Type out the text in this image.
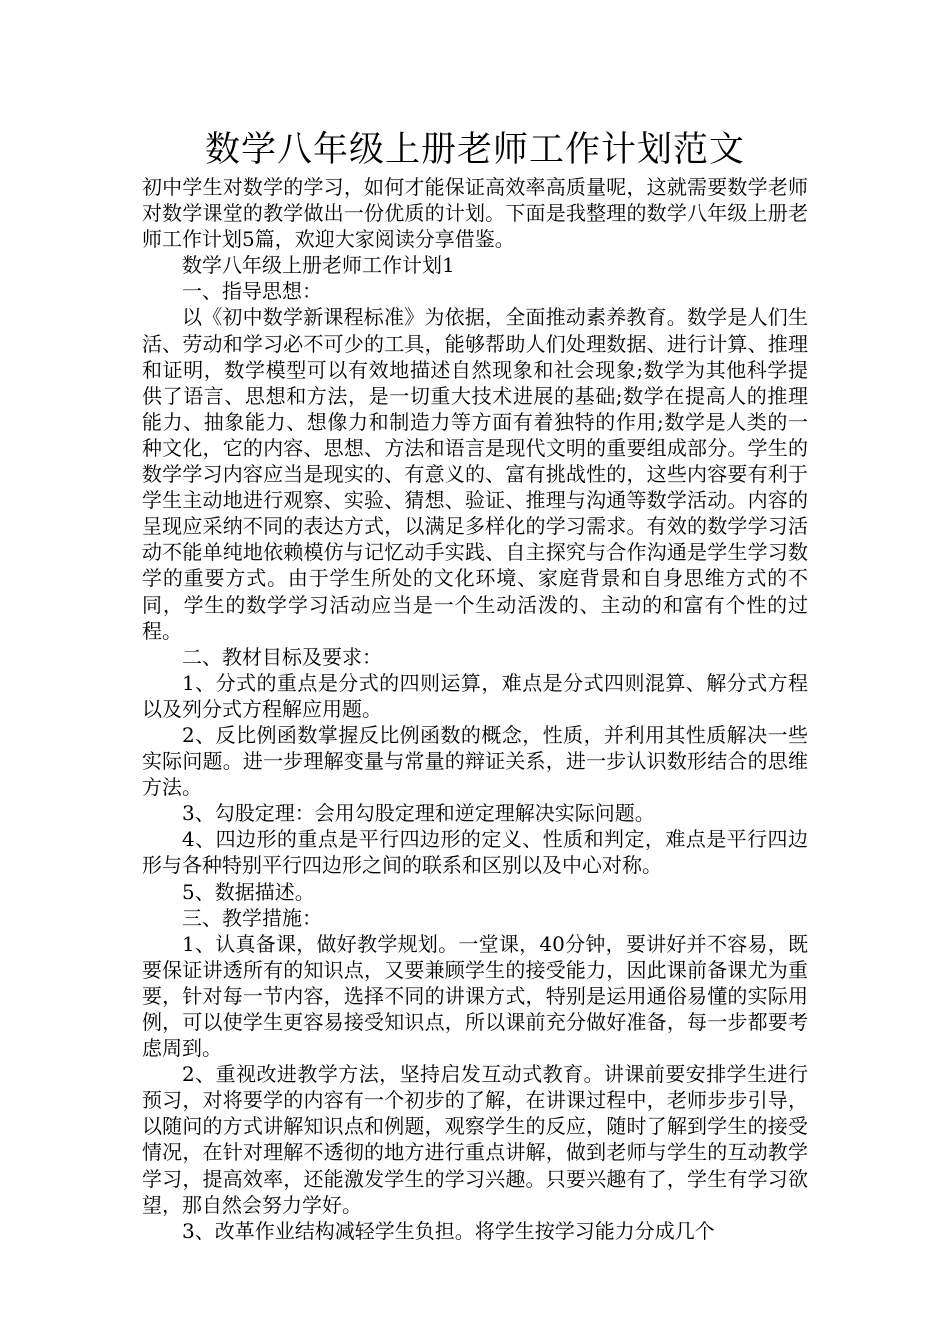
数学八年级上册老师工作计划范文

初中学生对数学的学习，如何才能保证高效率高质量呢，这就需要数学老师对数学课堂的教学做出一份优质的计划。下面是我整理的数学八年级上册老师工作计划5篇，欢迎大家阅读分享借鉴。

数学八年级上册老师工作计划1

一、指导思想：

以《初中数学新课程标准》为依据，全面推动素养教育。数学是人们生活、劳动和学习必不可少的工具，能够帮助人们处理数据、进行计算、推理和证明，数学模型可以有效地描述自然现象和社会现象;数学为其他科学提供了语言、思想和方法，是一切重大技术进展的基础;数学在提高人的推理能力、抽象能力、想像力和制造力等方面有着独特的作用;数学是人类的一种文化，它的内容、思想、方法和语言是现代文明的重要组成部分。学生的数学学习内容应当是现实的、有意义的、富有挑战性的，这些内容要有利于学生主动地进行观察、实验、猜想、验证、推理与沟通等数学活动。内容的呈现应采纳不同的表达方式，以满足多样化的学习需求。有效的数学学习活动不能单纯地依赖模仿与记忆动手实践、自主探究与合作沟通是学生学习数学的重要方式。由于学生所处的文化环境、家庭背景和自身思维方式的不同，学生的数学学习活动应当是一个生动活泼的、主动的和富有个性的过程。

二、教材目标及要求：

1、分式的重点是分式的四则运算，难点是分式四则混算、解分式方程以及列分式方程解应用题。

2、反比例函数掌握反比例函数的概念，性质，并利用其性质解决一些实际问题。进一步理解变量与常量的辩证关系，进一步认识数形结合的思维方法。

3、勾股定理：会用勾股定理和逆定理解决实际问题。

4、四边形的重点是平行四边形的定义、性质和判定，难点是平行四边形与各种特别平行四边形之间的联系和区别以及中心对称。

5、数据描述。

三、教学措施：

1、认真备课，做好教学规划。一堂课，40分钟，要讲好并不容易，既要保证讲透所有的知识点，又要兼顾学生的接受能力，因此课前备课尤为重要，针对每一节内容，选择不同的讲课方式，特别是运用通俗易懂的实际用例，可以使学生更容易接受知识点，所以课前充分做好准备，每一步都要考虑周到。

2、重视改进教学方法，坚持启发互动式教育。讲课前要安排学生进行预习，对将要学的内容有一个初步的了解，在讲课过程中，老师步步引导，以随问的方式讲解知识点和例题，观察学生的反应，随时了解到学生的接受情况，在针对理解不透彻的地方进行重点讲解，做到老师与学生的互动教学学习，提高效率，还能激发学生的学习兴趣。只要兴趣有了，学生有学习欲望，那自然会努力学好。

3、改革作业结构减轻学生负担。将学生按学习能力分成几个
